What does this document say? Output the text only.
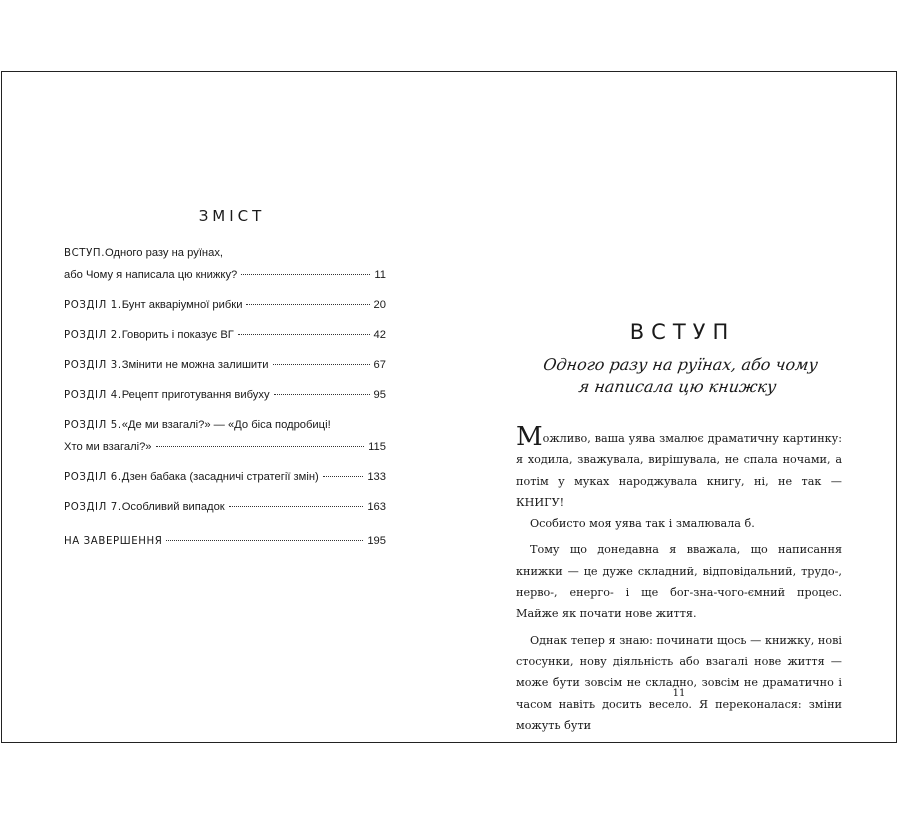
ЗМІСТ
ВСТУП. Одного разу на руїнах,
або Чому я написала цю книжку?	11
РОЗДІЛ 1. Бунт акваріумної рибки	20
РОЗДІЛ 2. Говорить і показує ВГ	42
РОЗДІЛ 3. Змінити не можна залишити	67
РОЗДІЛ 4. Рецепт приготування вибуху	95
РОЗДІЛ 5. «Де ми взагалі?» — «До біса подробиці!
Хто ми взагалі?»	115
РОЗДІЛ 6. Дзен бабака (засадничі стратегії змін)	133
РОЗДІЛ 7. Особливий випадок	163
НА ЗАВЕРШЕННЯ	195
ВСТУП
Одного разу на руїнах, або чому
я написала цю книжку

Можливо, ваша уява змалює драматичну картинку: я ходила, зважувала, вирішувала, не спала ночами, а потім у муках народжувала книгу, ні, не так — КНИГУ!

Особисто моя уява так і змалювала б.

Тому що донедавна я вважала, що написання книжки — це дуже складний, відповідальний, трудо-, нерво-, енерго- і ще бог-зна-чого-ємний процес. Майже як почати нове життя.

Однак тепер я знаю: починати щось — книжку, нові стосунки, нову діяльність або взагалі нове життя — може бути зовсім не складно, зовсім не драматично і часом навіть досить весело. Я переконалася: зміни можуть бути

11
